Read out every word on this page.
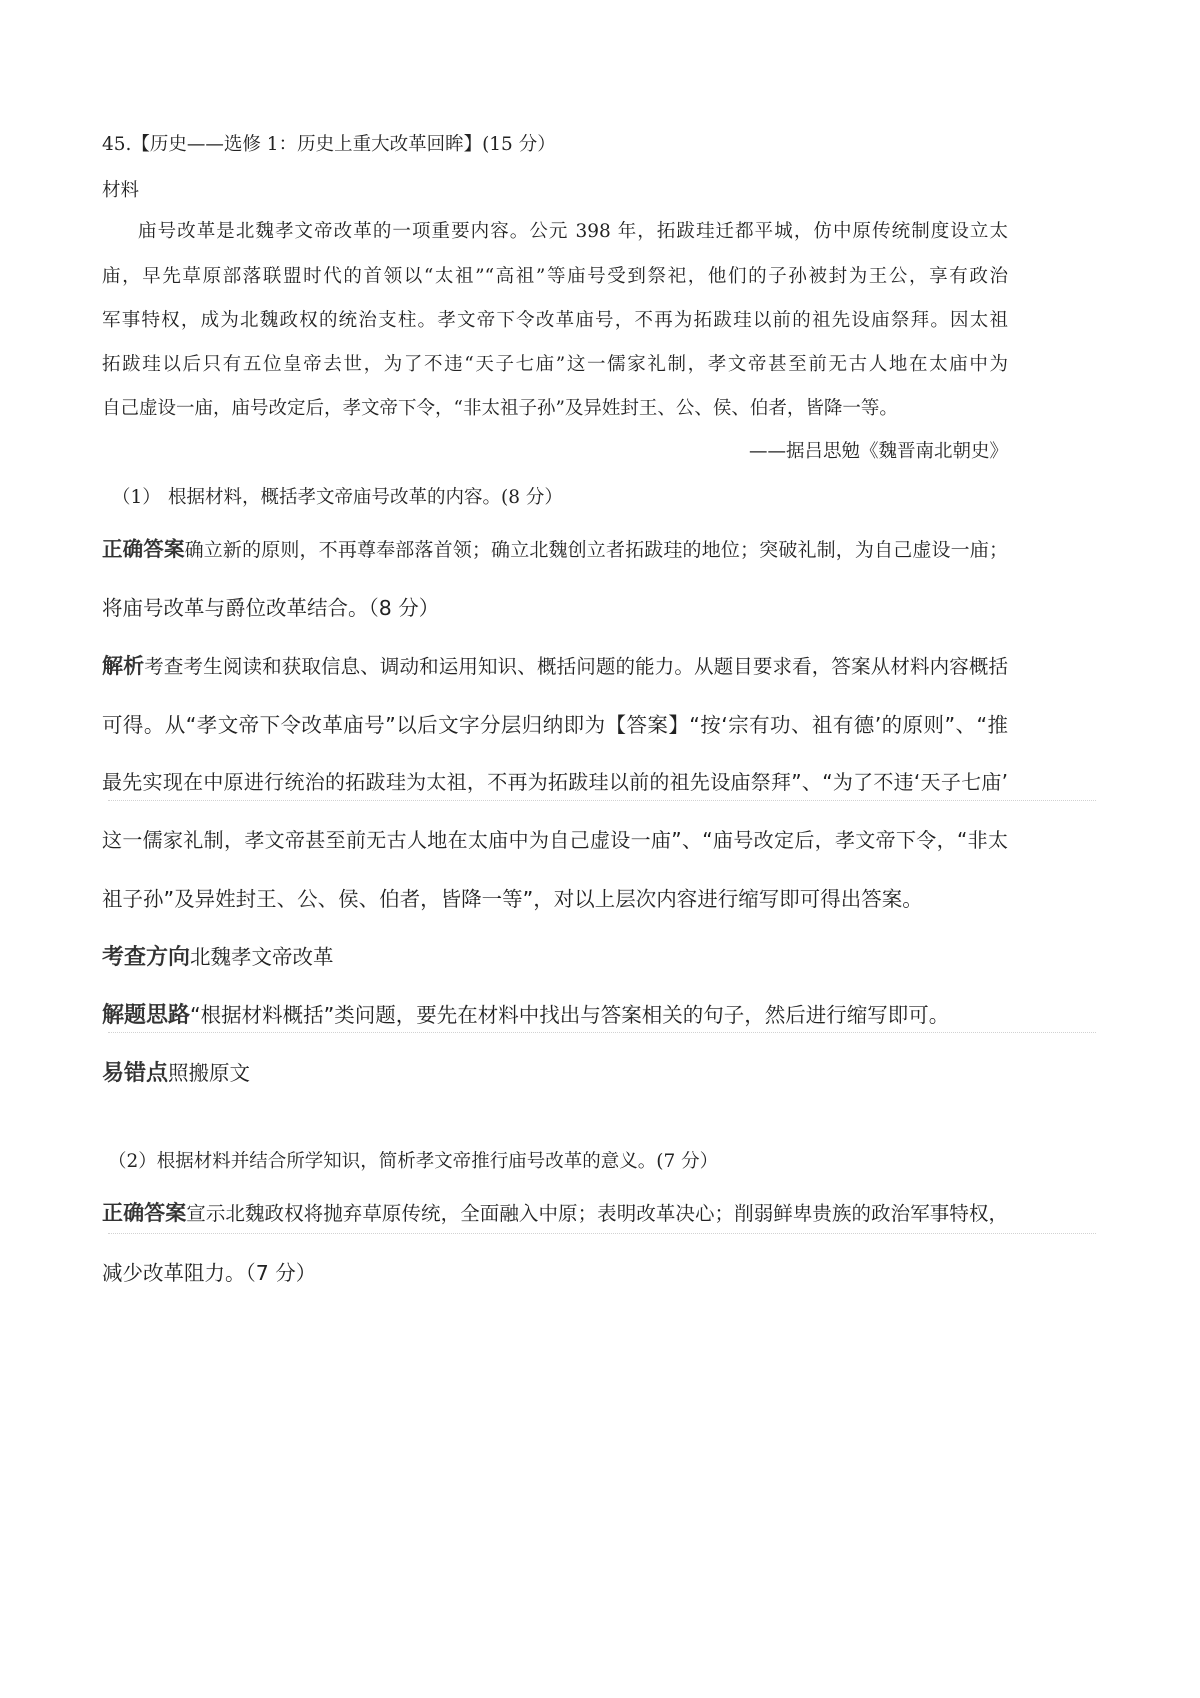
45.【历史——选修 1：历史上重大改革回眸】(15 分）
材料
庙号改革是北魏孝文帝改革的一项重要内容。公元 398 年，拓跋珪迁都平城，仿中原传统制度设立太
庙，早先草原部落联盟时代的首领以“太祖”“高祖”等庙号受到祭祀，他们的子孙被封为王公，享有政治
军事特权，成为北魏政权的统治支柱。孝文帝下令改革庙号，不再为拓跋珪以前的祖先设庙祭拜。因太祖
拓跋珪以后只有五位皇帝去世，为了不违“天子七庙”这一儒家礼制，孝文帝甚至前无古人地在太庙中为
自己虚设一庙，庙号改定后，孝文帝下令，“非太祖子孙”及异姓封王、公、侯、伯者，皆降一等。
——据吕思勉《魏晋南北朝史》
（1） 根据材料，概括孝文帝庙号改革的内容。(8 分）
正确答案确立新的原则，不再尊奉部落首领；确立北魏创立者拓跋珪的地位；突破礼制，为自己虚设一庙；
将庙号改革与爵位改革结合。（8 分）
解析考查考生阅读和获取信息、调动和运用知识、概括问题的能力。从题目要求看，答案从材料内容概括
可得。从“孝文帝下令改革庙号”以后文字分层归纳即为【答案】“按‘宗有功、祖有德’的原则”、“推
最先实现在中原进行统治的拓跋珪为太祖，不再为拓跋珪以前的祖先设庙祭拜”、“为了不违‘天子七庙’
这一儒家礼制，孝文帝甚至前无古人地在太庙中为自己虚设一庙”、“庙号改定后，孝文帝下令，“非太
祖子孙”及异姓封王、公、侯、伯者，皆降一等”，对以上层次内容进行缩写即可得出答案。
考查方向北魏孝文帝改革
解题思路“根据材料概括”类问题，要先在材料中找出与答案相关的句子，然后进行缩写即可。
易错点照搬原文
（2）根据材料并结合所学知识，简析孝文帝推行庙号改革的意义。(7 分）
正确答案宣示北魏政权将抛弃草原传统，全面融入中原；表明改革决心；削弱鲜卑贵族的政治军事特权，
减少改革阻力。（7 分）
